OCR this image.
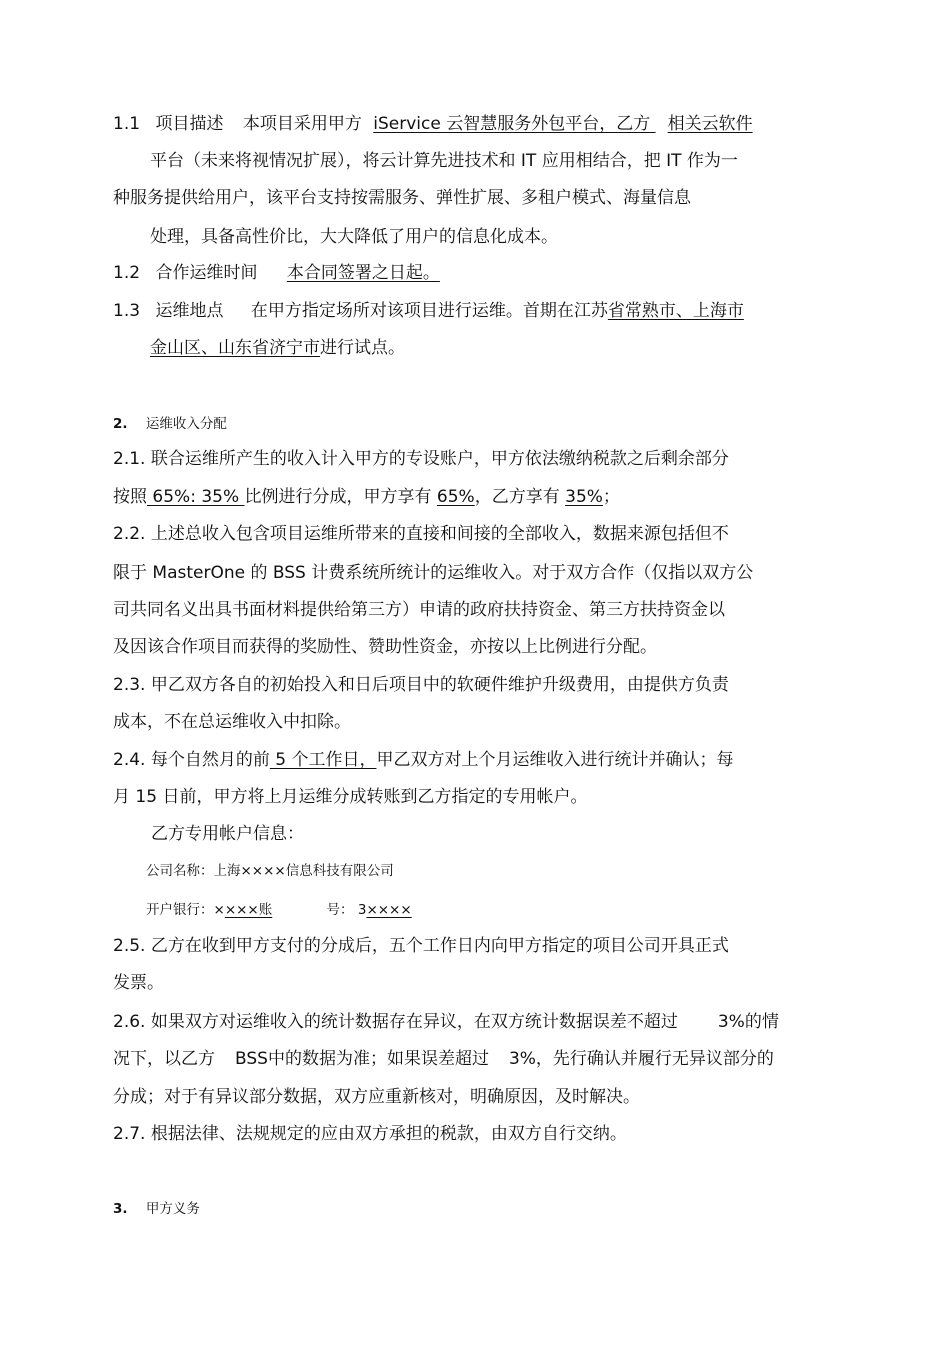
1.1 项目描述 本项目采用甲方 iService 云智慧服务外包平台，乙方 相关云软件
平台（未来将视情况扩展），将云计算先进技术和 IT 应用相结合，把 IT 作为一
种服务提供给用户，该平台支持按需服务、弹性扩展、多租户模式、海量信息
处理，具备高性价比，大大降低了用户的信息化成本。
1.2 合作运维时间 本合同签署之日起。
1.3 运维地点 在甲方指定场所对该项目进行运维。首期在江苏省常熟市、上海市
金山区、山东省济宁市进行试点。
2. 运维收入分配
2.1. 联合运维所产生的收入计入甲方的专设账户，甲方依法缴纳税款之后剩余部分
按照 65%: 35% 比例进行分成，甲方享有 65%，乙方享有 35%；
2.2. 上述总收入包含项目运维所带来的直接和间接的全部收入，数据来源包括但不
限于 MasterOne 的 BSS 计费系统所统计的运维收入。对于双方合作（仅指以双方公
司共同名义出具书面材料提供给第三方）申请的政府扶持资金、第三方扶持资金以
及因该合作项目而获得的奖励性、赞助性资金，亦按以上比例进行分配。
2.3. 甲乙双方各自的初始投入和日后项目中的软硬件维护升级费用，由提供方负责
成本，不在总运维收入中扣除。
2.4. 每个自然月的前 5 个工作日，甲乙双方对上个月运维收入进行统计并确认；每
月 15 日前，甲方将上月运维分成转账到乙方指定的专用帐户。
乙方专用帐户信息：
公司名称：上海××××信息科技有限公司
开户银行：××××账	号： 3××××
2.5. 乙方在收到甲方支付的分成后，五个工作日内向甲方指定的项目公司开具正式
发票。
2.6. 如果双方对运维收入的统计数据存在异议，在双方统计数据误差不超过 3%的情
况下，以乙方 BSS中的数据为准；如果误差超过 3%，先行确认并履行无异议部分的
分成；对于有异议部分数据，双方应重新核对，明确原因，及时解决。
2.7. 根据法律、法规规定的应由双方承担的税款，由双方自行交纳。
3. 甲方义务
